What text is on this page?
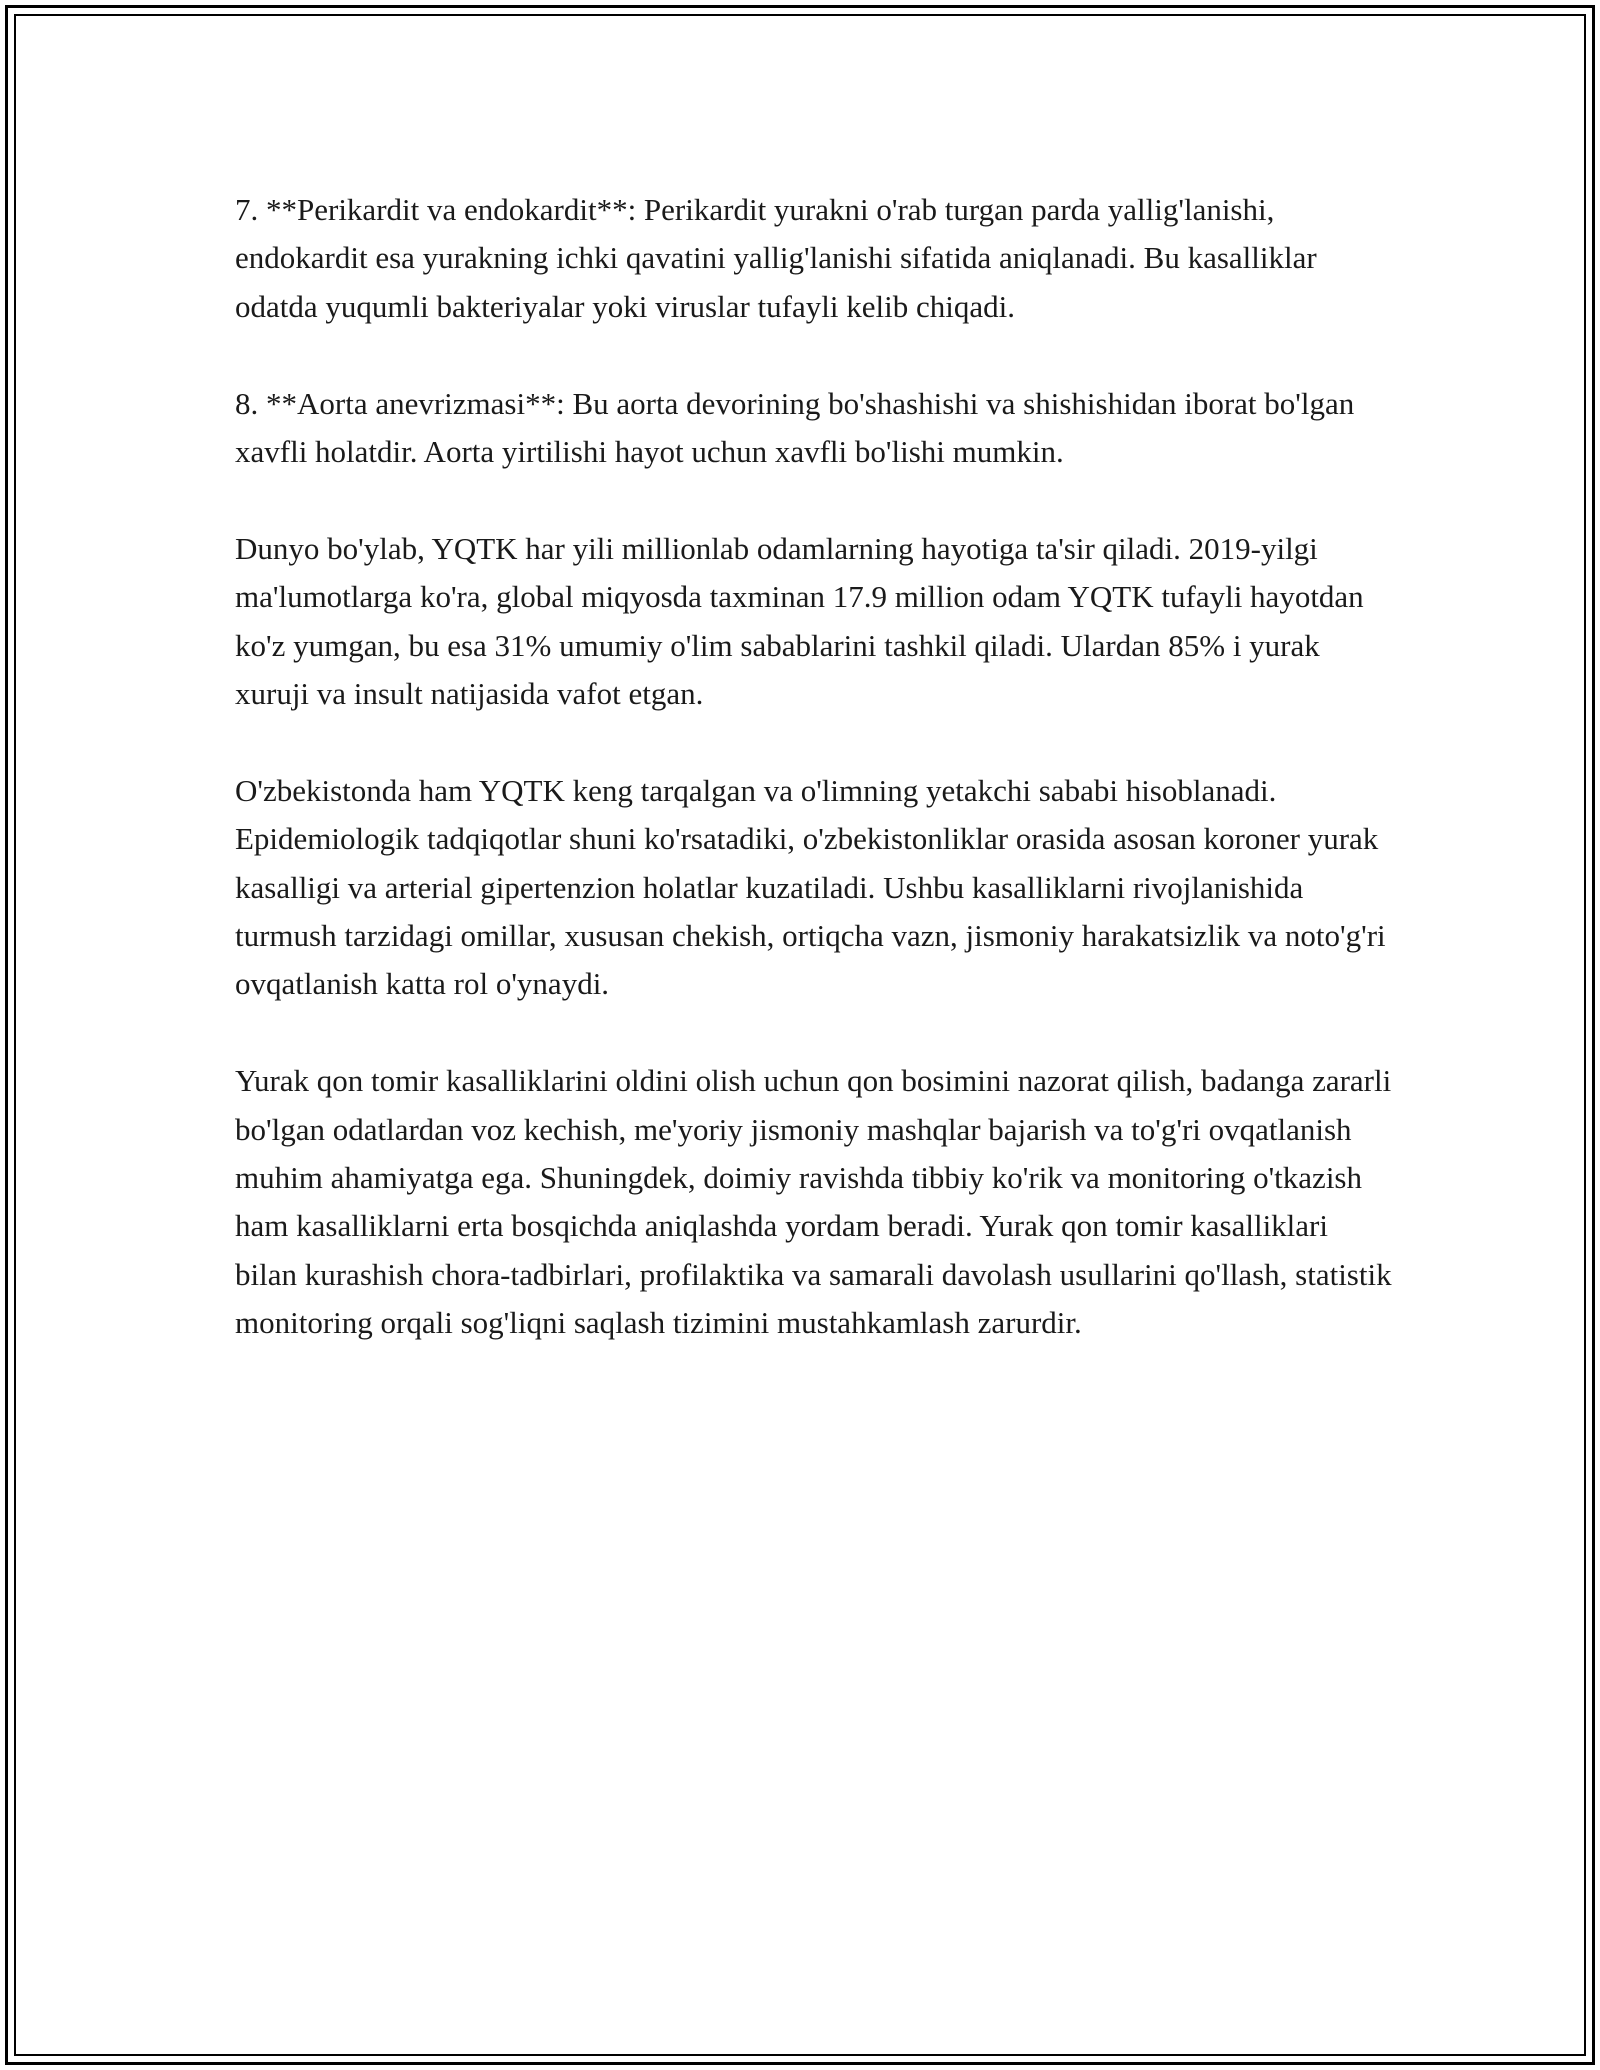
7. **Perikardit va endokardit**: Perikardit yurakni o'rab turgan parda yallig'lanishi, endokardit esa yurakning ichki qavatini yallig'lanishi sifatida aniqlanadi. Bu kasalliklar odatda yuqumli bakteriyalar yoki viruslar tufayli kelib chiqadi.

8. **Aorta anevrizmasi**: Bu aorta devorining bo'shashishi va shishishidan iborat bo'lgan xavfli holatdir. Aorta yirtilishi hayot uchun xavfli bo'lishi mumkin.

Dunyo bo'ylab, YQTK har yili millionlab odamlarning hayotiga ta'sir qiladi. 2019-yilgi ma'lumotlarga ko'ra, global miqyosda taxminan 17.9 million odam YQTK tufayli hayotdan ko'z yumgan, bu esa 31% umumiy o'lim sabablarini tashkil qiladi. Ulardan 85% i yurak xuruji va insult natijasida vafot etgan.

O'zbekistonda ham YQTK keng tarqalgan va o'limning yetakchi sababi hisoblanadi. Epidemiologik tadqiqotlar shuni ko'rsatadiki, o'zbekistonliklar orasida asosan koroner yurak kasalligi va arterial gipertenzion holatlar kuzatiladi. Ushbu kasalliklarni rivojlanishida turmush tarzidagi omillar, xususan chekish, ortiqcha vazn, jismoniy harakatsizlik va noto'g'ri ovqatlanish katta rol o'ynaydi.

Yurak qon tomir kasalliklarini oldini olish uchun qon bosimini nazorat qilish, badanga zararli bo'lgan odatlardan voz kechish, me'yoriy jismoniy mashqlar bajarish va to'g'ri ovqatlanish muhim ahamiyatga ega. Shuningdek, doimiy ravishda tibbiy ko'rik va monitoring o'tkazish ham kasalliklarni erta bosqichda aniqlashda yordam beradi. Yurak qon tomir kasalliklari bilan kurashish chora-tadbirlari, profilaktika va samarali davolash usullarini qo'llash, statistik monitoring orqali sog'liqni saqlash tizimini mustahkamlash zarurdir.
